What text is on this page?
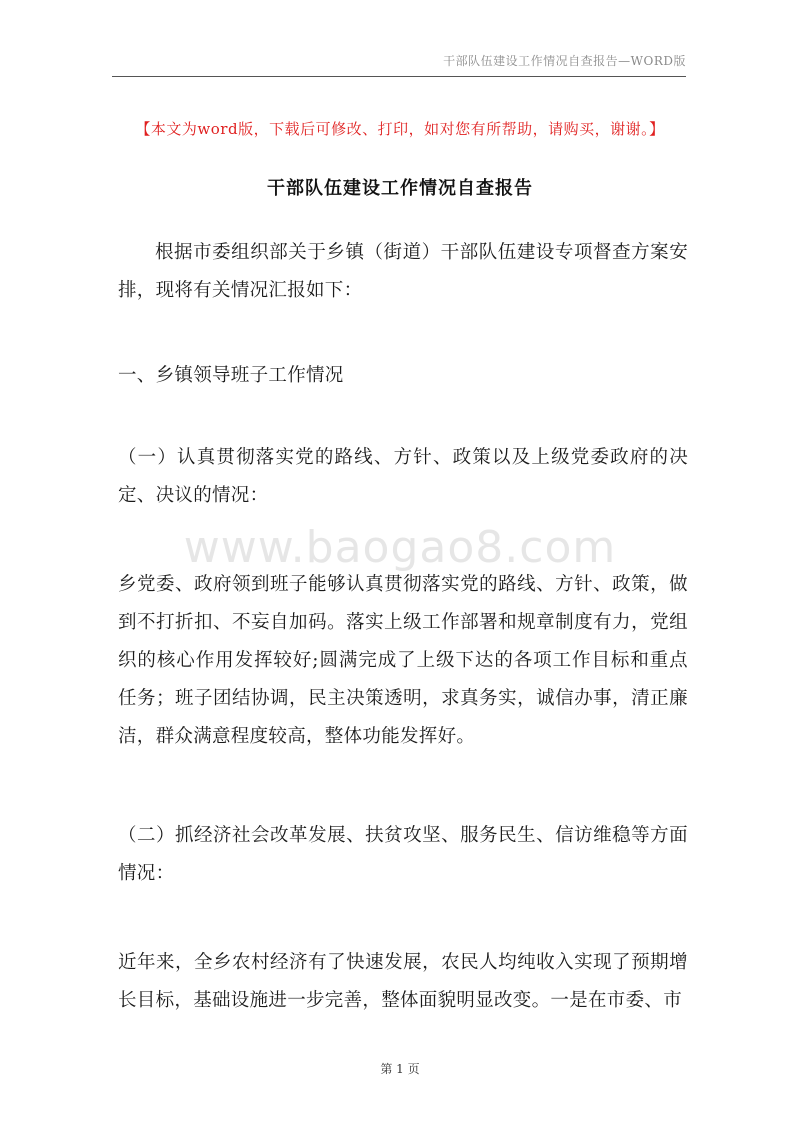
干部队伍建设工作情况自查报告—WORD版
【本文为word版，下载后可修改、打印，如对您有所帮助，请购买，谢谢。】
干部队伍建设工作情况自查报告
根据市委组织部关于乡镇（街道）干部队伍建设专项督查方案安排，现将有关情况汇报如下：
一、乡镇领导班子工作情况
（一）认真贯彻落实党的路线、方针、政策以及上级党委政府的决定、决议的情况：
www.baogao8.com
乡党委、政府领到班子能够认真贯彻落实党的路线、方针、政策，做到不打折扣、不妄自加码。落实上级工作部署和规章制度有力，党组织的核心作用发挥较好;圆满完成了上级下达的各项工作目标和重点任务；班子团结协调，民主决策透明，求真务实，诚信办事，清正廉洁，群众满意程度较高，整体功能发挥好。
（二）抓经济社会改革发展、扶贫攻坚、服务民生、信访维稳等方面情况：
近年来，全乡农村经济有了快速发展，农民人均纯收入实现了预期增长目标，基础设施进一步完善，整体面貌明显改变。一是在市委、市
第 1 页
